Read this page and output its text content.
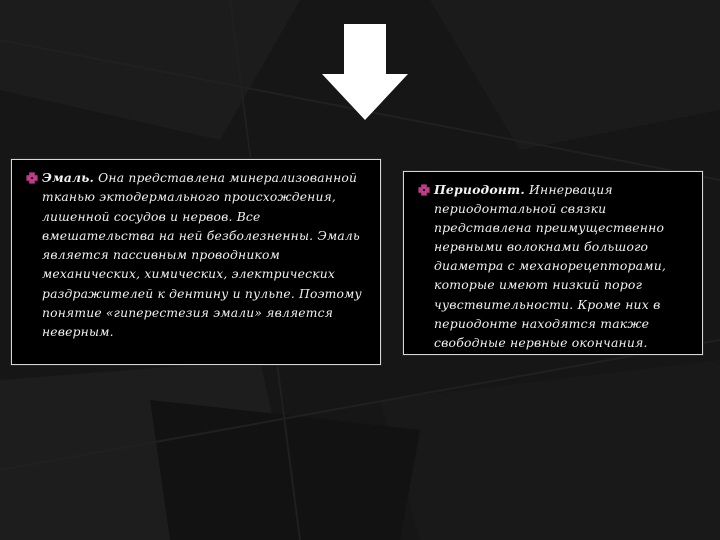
Эмаль. Она представлена минерализованной тканью эктодермального происхождения, лишенной сосудов и нервов. Все вмешательства на ней безболезненны. Эмаль является пассивным проводником механических, химических, электрических раздражителей к дентину и пульпе. Поэтому понятие «гиперестезия эмали» является неверным.

Периодонт. Иннервация периодонтальной связки представлена преимущественно нервными волокнами большого диаметра с механорецепторами, которые имеют низкий порог чувствительности. Кроме них в периодонте находятся также свободные нервные окончания.
